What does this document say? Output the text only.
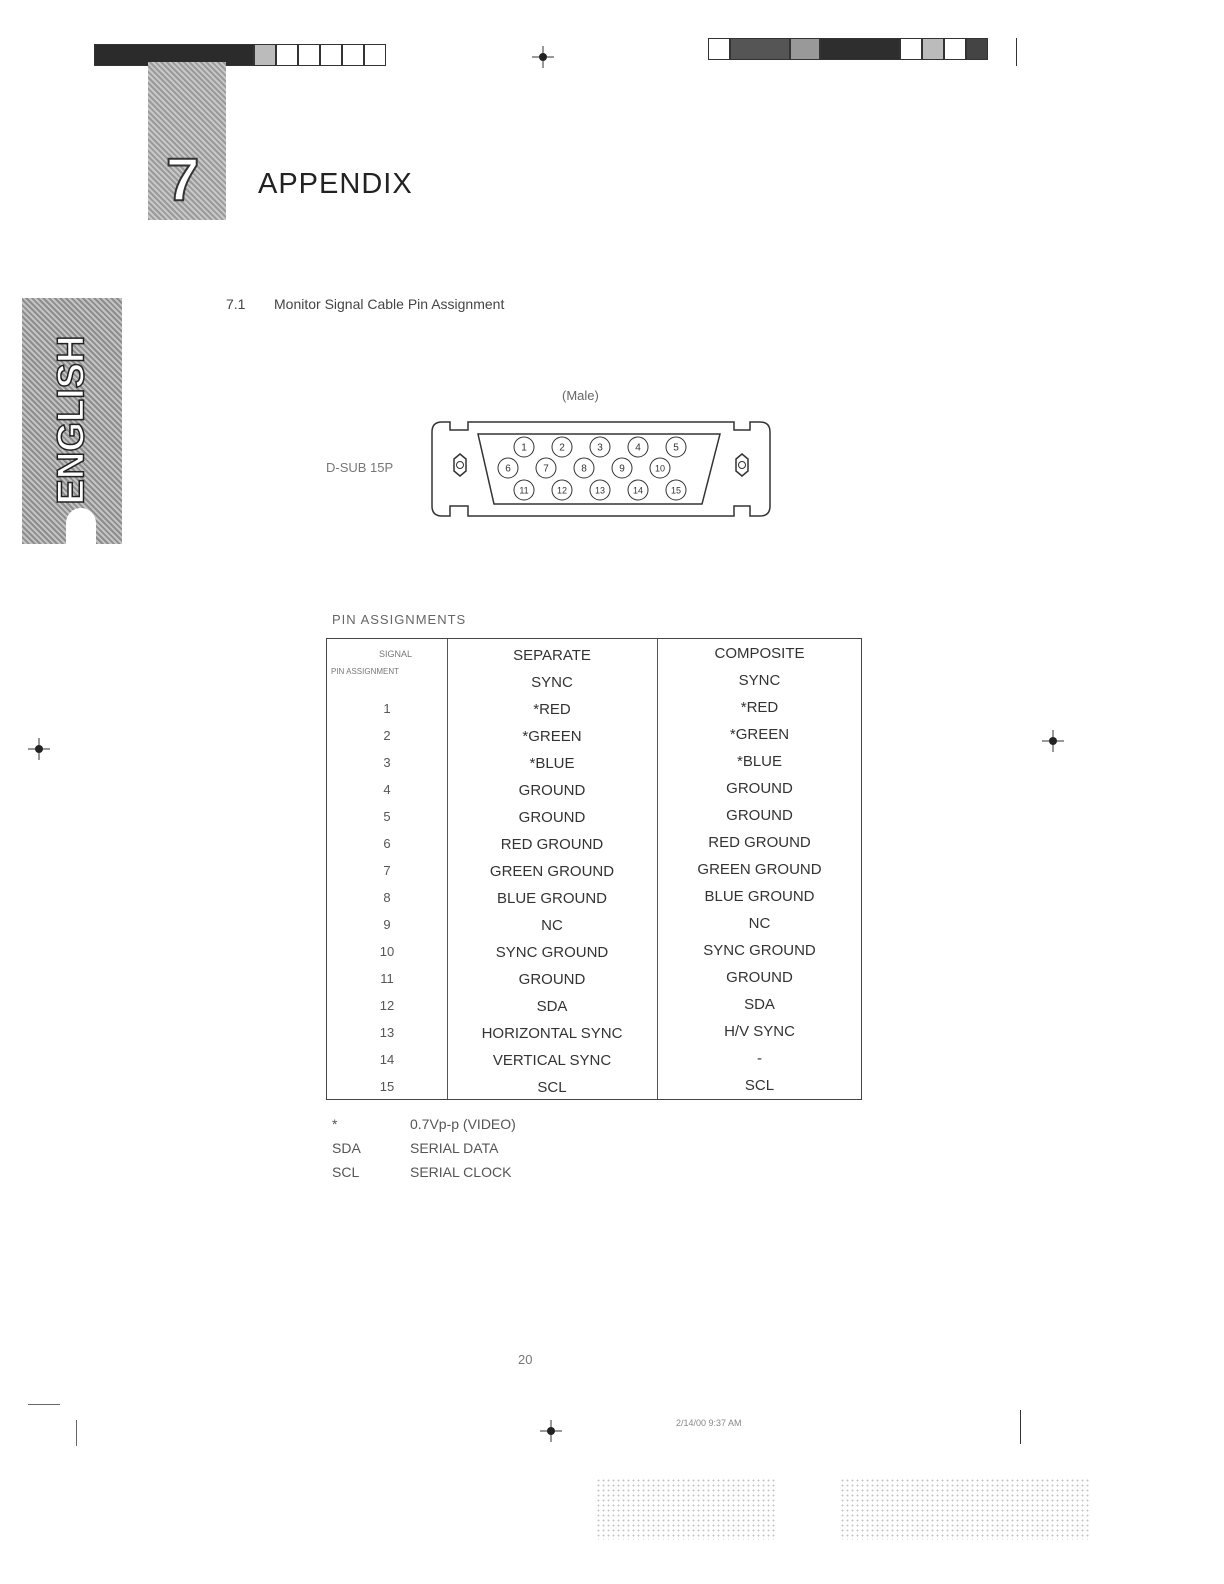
7 APPENDIX
ENGLISH
7.1 Monitor Signal Cable Pin Assignment
(Male)
D-SUB 15P
1	2	3	4	5
6	7	8	9	10
11	12	13	14	15
PIN ASSIGNMENTS
SIGNAL
PIN ASSIGNMENT
SEPARATE	COMPOSITE
SYNC	SYNC
1	*RED	*RED
2	*GREEN	*GREEN
3	*BLUE	*BLUE
4	GROUND	GROUND
5	GROUND	GROUND
6	RED GROUND	RED GROUND
7	GREEN GROUND	GREEN GROUND
8	BLUE GROUND	BLUE GROUND
9	NC	NC
10	SYNC GROUND	SYNC GROUND
11	GROUND	GROUND
12	SDA	SDA
13	HORIZONTAL SYNC	H/V SYNC
14	VERTICAL SYNC	-
15	SCL	SCL
*	0.7Vp-p (VIDEO)
SDA	SERIAL DATA
SCL	SERIAL CLOCK
20
2/14/00 9:37 AM
